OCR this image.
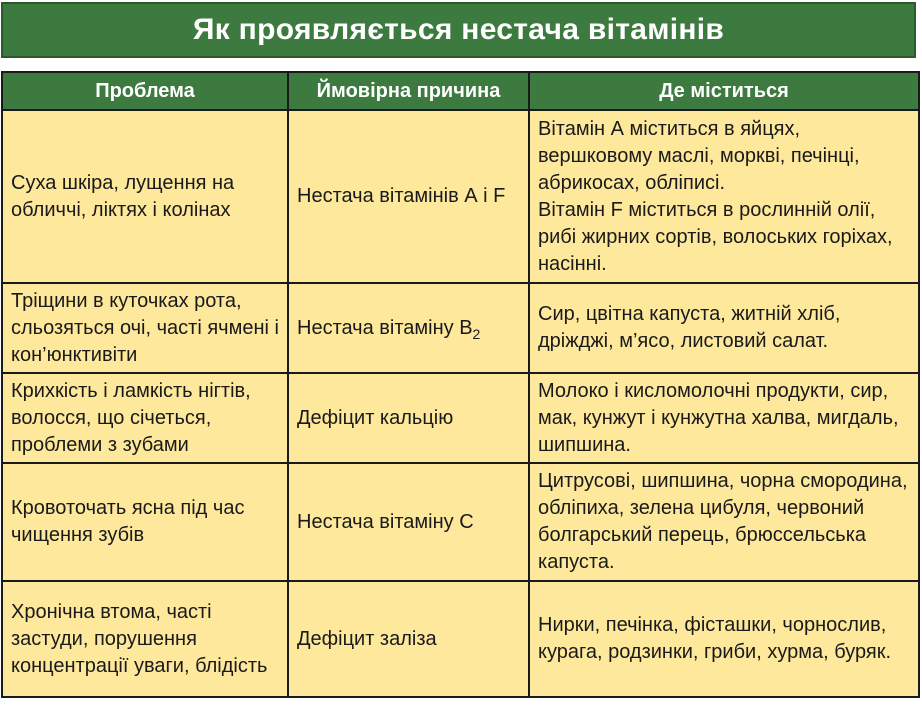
Як проявляється нестача вітамінів
Проблема	Ймовірна причина	Де міститься
Суха шкіра, лущення на обличчі, ліктях і колінах	Нестача вітамінів А і F	Вітамін А міститься в яйцях, вершковому маслі, моркві, печінці, абрикосах, обліписі.
Вітамін F міститься в рослинній олії, рибі жирних сортів, волоських горіхах, насінні.

Тріщини в куточках рота, сльозяться очі, часті ячмені і кон’юнктивіти	Нестача вітаміну $В_2$	Сир, цвітна капуста, житній хліб, дріжджі, м’ясо, листовий салат.
Крихкість і ламкість нігтів, волосся, що січеться, проблеми з зубами	Дефіцит кальцію	Молоко і кисломолочні продукти, сир, мак, кунжут і кунжутна халва, мигдаль, шипшина.
Кровоточать ясна під час чищення зубів	Нестача вітаміну С	Цитрусові, шипшина, чорна смородина, обліпиха, зелена цибуля, червоний болгарський перець, брюссельська капуста.
Хронічна втома, часті застуди, порушення концентрації уваги, блідість	Дефіцит заліза	Нирки, печінка, фісташки, чорнослив, курага, родзинки, гриби, хурма, буряк.
